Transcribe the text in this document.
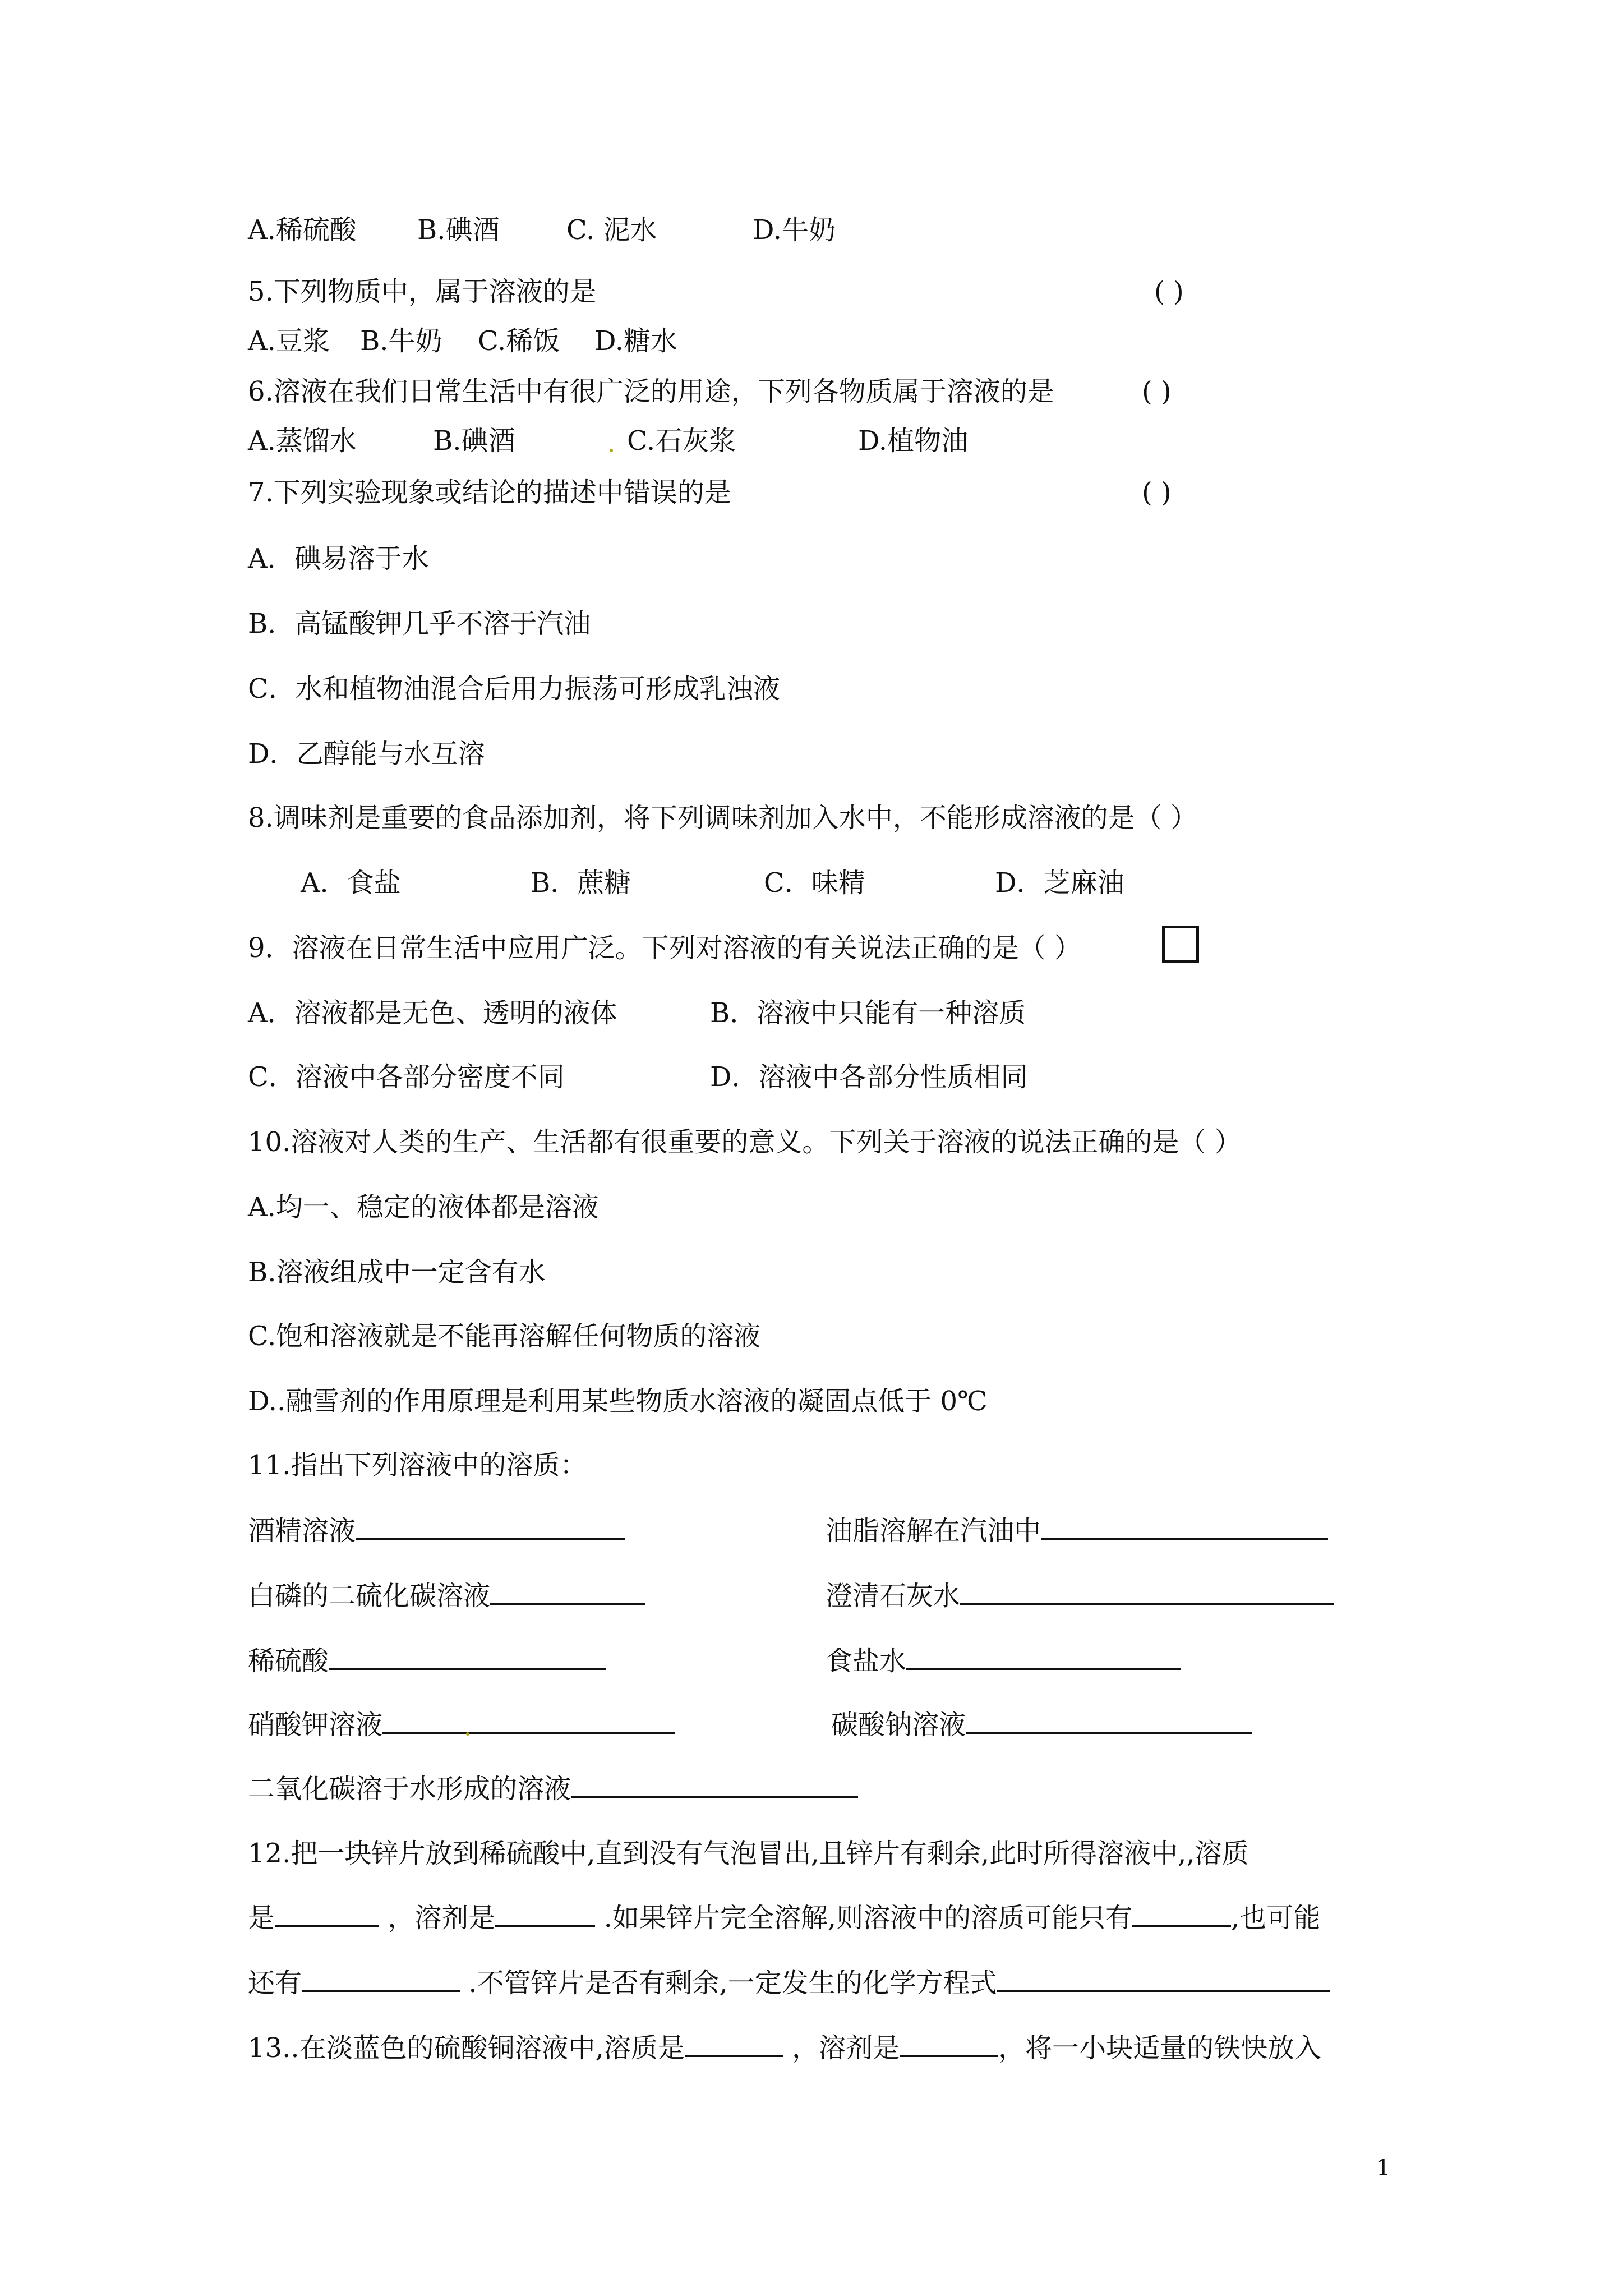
A.稀硫酸 B.碘酒 C. 泥水	D.牛奶
5.下列物质中，属于溶液的是	( )
A.豆浆 B.牛奶 C.稀饭 D.糖水
6.溶液在我们日常生活中有很广泛的用途，下列各物质属于溶液的是	( )
A.蒸馏水	B.碘酒	C.石灰浆	D.植物油
7.下列实验现象或结论的描述中错误的是	( )
A．碘易溶于水
B．高锰酸钾几乎不溶于汽油
C．水和植物油混合后用力振荡可形成乳浊液
D．乙醇能与水互溶
8.调味剂是重要的食品添加剂，将下列调味剂加入水中，不能形成溶液的是（ ）
A．食盐	B．蔗糖	C．味精	D．芝麻油
9．溶液在日常生活中应用广泛。下列对溶液的有关说法正确的是（ ）
A．溶液都是无色、透明的液体	B．溶液中只能有一种溶质
C．溶液中各部分密度不同	D．溶液中各部分性质相同
10.溶液对人类的生产、生活都有很重要的意义。下列关于溶液的说法正确的是（ ）
A.均一、稳定的液体都是溶液
B.溶液组成中一定含有水
C.饱和溶液就是不能再溶解任何物质的溶液
D..融雪剂的作用原理是利用某些物质水溶液的凝固点低于 0℃
11.指出下列溶液中的溶质：
酒精溶液	油脂溶解在汽油中
白磷的二硫化碳溶液	澄清石灰水
稀硫酸	食盐水
硝酸钾溶液	碳酸钠溶液
二氧化碳溶于水形成的溶液
12.把一块锌片放到稀硫酸中,直到没有气泡冒出,且锌片有剩余,此时所得溶液中,,溶质
是	，溶剂是	.如果锌片完全溶解,则溶液中的溶质可能只有	,也可能
还有	.不管锌片是否有剩余,一定发生的化学方程式
13..在淡蓝色的硫酸铜溶液中,溶质是	，溶剂是	，将一小块适量的铁快放入
1
